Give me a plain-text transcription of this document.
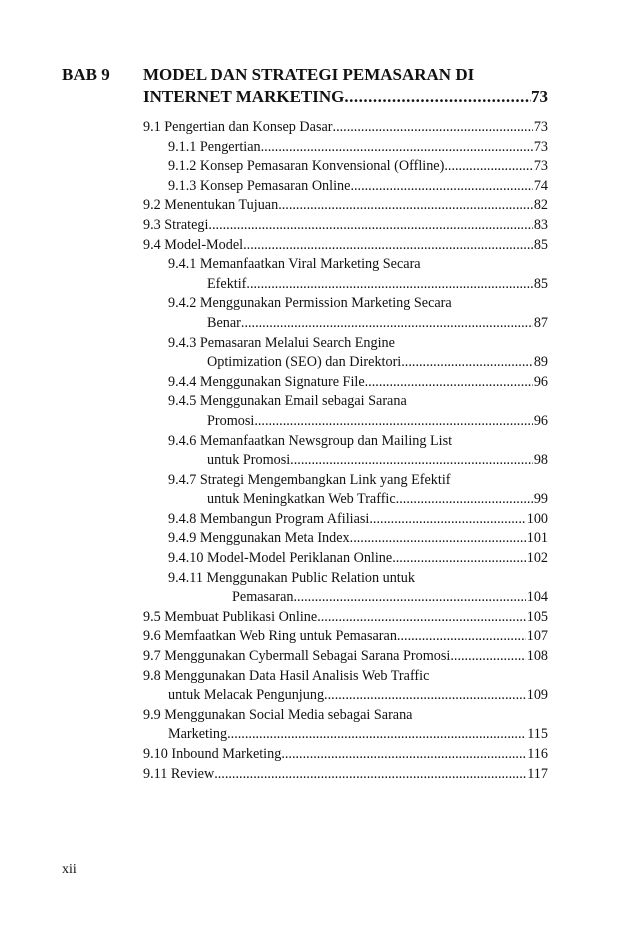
BAB 9 MODEL DAN STRATEGI PEMASARAN DI
INTERNET MARKETING .....	73
9.1 Pengertian dan Konsep Dasar .....	73
9.1.1 Pengertian .....	73
9.1.2 Konsep Pemasaran Konvensional (Offline) .....	73
9.1.3 Konsep Pemasaran Online .....	74
9.2 Menentukan Tujuan .....	82
9.3 Strategi .....	83
9.4 Model-Model .....	85
9.4.1 Memanfaatkan Viral Marketing Secara
Efektif .....	85
9.4.2 Menggunakan Permission Marketing Secara
Benar .....	87
9.4.3 Pemasaran Melalui Search Engine
Optimization (SEO) dan Direktori .....	89
9.4.4 Menggunakan Signature File .....	96
9.4.5 Menggunakan Email sebagai Sarana
Promosi .....	96
9.4.6 Memanfaatkan Newsgroup dan Mailing List
untuk Promosi .....	98
9.4.7 Strategi Mengembangkan Link yang Efektif
untuk Meningkatkan Web Traffic .....	99
9.4.8 Membangun Program Afiliasi .....	100
9.4.9 Menggunakan Meta Index .....	101
9.4.10 Model-Model Periklanan Online .....	102
9.4.11 Menggunakan Public Relation untuk
Pemasaran .....	104
9.5 Membuat Publikasi Online .....	105
9.6 Memfaatkan Web Ring untuk Pemasaran .....	107
9.7 Menggunakan Cybermall Sebagai Sarana Promosi .....	108
9.8 Menggunakan Data Hasil Analisis Web Traffic
untuk Melacak Pengunjung .....	109
9.9 Menggunakan Social Media sebagai Sarana
Marketing .....	115
9.10 Inbound Marketing .....	116
9.11 Review .....	117
xii
